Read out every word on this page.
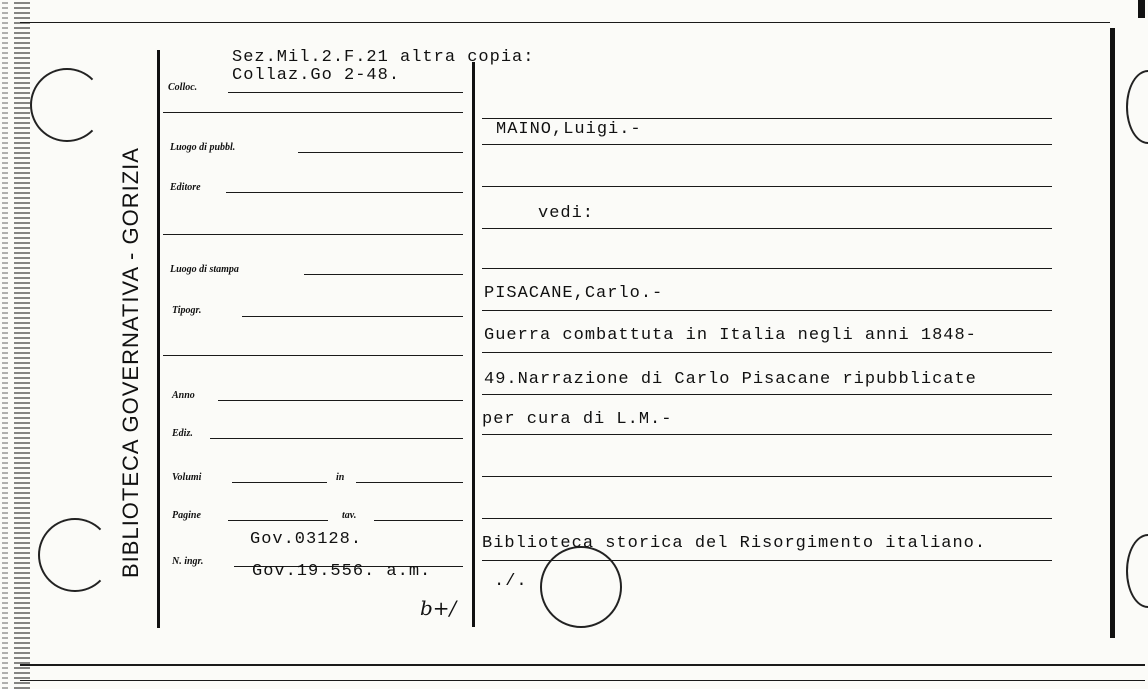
BIBLIOTECA GOVERNATIVA - GORIZIA
Colloc.
Luogo di pubbl.
Editore
Luogo di stampa
Tipogr.
Anno
Ediz.
Volumi	in
Pagine	tav.
N. ingr.
Sez.Mil.2.F.21 altra copia:
Collaz.Go 2-48.
Gov.03128.
Gov.19.556. a.m.
b+/
MAINO,Luigi.-
vedi:
PISACANE,Carlo.-
Guerra combattuta in Italia negli anni 1848-
49.Narrazione di Carlo Pisacane ripubblicate
per cura di L.M.-
Biblioteca storica del Risorgimento italiano.
./.
